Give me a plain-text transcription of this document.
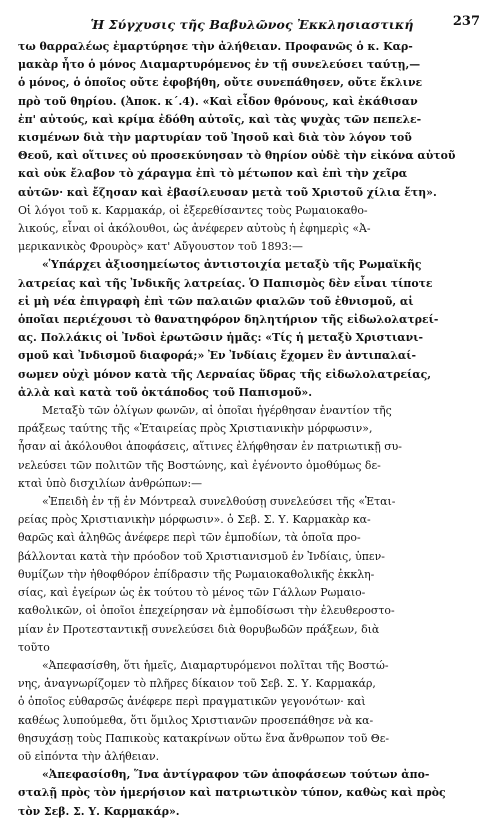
Ἡ Σύγχυσις τῆς Βαβυλῶνος Ἐκκλησιαστική	237
τω θαρραλέως ἐμαρτύρησε τὴν ἀλήθειαν. Προφανῶς ὁ κ. Καρ-
μακὰρ ἦτο ὁ μόνος Διαμαρτυρόμενος ἐν τῇ συνελεύσει ταύτῃ,—
ὁ μόνος, ὁ ὁποῖος οὔτε ἐφοβήθη, οὔτε συνεπάθησεν, οὔτε ἔκλινε
πρὸ τοῦ θηρίου. (Ἀποκ. κ΄.4). «Καὶ εἶδον θρόνους, καὶ ἐκάθισαν
ἐπ' αὐτούς, καὶ κρίμα ἐδόθη αὐτοῖς, καὶ τὰς ψυχὰς τῶν πεπελε-
κισμένων διὰ τὴν μαρτυρίαν τοῦ Ἰησοῦ καὶ διὰ τὸν λόγον τοῦ
Θεοῦ, καὶ οἵτινες οὐ προσεκύνησαν τὸ θηρίον οὐδὲ τὴν εἰκόνα αὐτοῦ
καὶ οὐκ ἔλαβον τὸ χάραγμα ἐπὶ τὸ μέτωπον καὶ ἐπὶ τὴν χεῖρα
αὐτῶν· καὶ ἔζησαν καὶ ἐβασίλευσαν μετὰ τοῦ Χριστοῦ χίλια ἔτη».
Οἱ λόγοι τοῦ κ. Καρμακάρ, οἱ ἐξερεθίσαντες τοὺς Ρωμαιοκαθο-
λικούς, εἶναι οἱ ἀκόλουθοι, ὡς ἀνέφερεν αὐτοὺς ἡ ἐφημερὶς «Ἀ-
μερικανικὸς Φρουρὸς» κατ' Αὔγουστον τοῦ 1893:—
«Ὑπάρχει ἀξιοσημείωτος ἀντιστοιχία μεταξὺ τῆς Ρωμαϊκῆς
λατρείας καὶ τῆς Ἰνδικῆς λατρείας. Ὁ Παπισμὸς δὲν εἶναι τίποτε
εἰ μὴ νέα ἐπιγραφὴ ἐπὶ τῶν παλαιῶν φιαλῶν τοῦ ἐθνισμοῦ, αἱ
ὁποῖαι περιέχουσι τὸ θανατηφόρον δηλητήριον τῆς εἰδωλολατρεί-
ας. Πολλάκις οἱ Ἰνδοὶ ἐρωτῶσιν ἡμᾶς: «Τίς ἡ μεταξὺ Χριστιανι-
σμοῦ καὶ Ἰνδισμοῦ διαφορά;» Ἐν Ἰνδίαις ἔχομεν ἓν ἀντιπαλαί-
σωμεν οὐχὶ μόνον κατὰ τῆς Λερναίας ὕδρας τῆς εἰδωλολατρείας,
ἀλλὰ καὶ κατὰ τοῦ ὀκτάποδος τοῦ Παπισμοῦ».
Μεταξὺ τῶν ὀλίγων φωνῶν, αἱ ὁποῖαι ἠγέρθησαν ἐναντίον τῆς
πράξεως ταύτης τῆς «Ἑταιρείας πρὸς Χριστιανικὴν μόρφωσιν»,
ἦσαν αἱ ἀκόλουθοι ἀποφάσεις, αἵτινες ἐλήφθησαν ἐν πατριωτικῇ συ-
νελεύσει τῶν πολιτῶν τῆς Βοστώνης, καὶ ἐγένοντο ὁμοθύμως δε-
κταὶ ὑπὸ δισχιλίων ἀνθρώπων:—
«Ἐπειδὴ ἐν τῇ ἐν Μόντρεαλ συνελθούσῃ συνελεύσει τῆς «Ἑται-
ρείας πρὸς Χριστιανικὴν μόρφωσιν». ὁ Σεβ. Σ. Υ. Καρμακὰρ κα-
θαρῶς καὶ ἀληθῶς ἀνέφερε περὶ τῶν ἐμποδίων, τὰ ὁποῖα προ-
βάλλονται κατὰ τὴν πρόοδον τοῦ Χριστιανισμοῦ ἐν Ἰνδίαις, ὑπεν-
θυμίζων τὴν ἠθοφθόρον ἐπίδρασιν τῆς Ρωμαιοκαθολικῆς ἐκκλη-
σίας, καὶ ἐγείρων ὡς ἐκ τούτου τὸ μένος τῶν Γάλλων Ρωμαιο-
καθολικῶν, οἱ ὁποῖοι ἐπεχείρησαν νὰ ἐμποδίσωσι τὴν ἐλευθεροστο-
μίαν ἐν Προτεσταντικῇ συνελεύσει διὰ θορυβωδῶν πράξεων, διὰ
τοῦτο
«Ἀπεφασίσθη, ὅτι ἡμεῖς, Διαμαρτυρόμενοι πολῖται τῆς Βοστώ-
νης, ἀναγνωρίζομεν τὸ πλῆρες δίκαιον τοῦ Σεβ. Σ. Υ. Καρμακάρ,
ὁ ὁποῖος εὐθαρσῶς ἀνέφερε περὶ πραγματικῶν γεγονότων· καὶ
καθέως λυπούμεθα, ὅτι ὅμιλος Χριστιανῶν προσεπάθησε νὰ κα-
θησυχάσῃ τοὺς Παπικοὺς κατακρίνων οὕτω ἕνα ἄνθρωπον τοῦ Θε-
οῦ εἰπόντα τὴν ἀλήθειαν.
«Ἀπεφασίσθη, Ἵνα ἀντίγραφον τῶν ἀποφάσεων τούτων ἀπο-
σταλῇ πρὸς τὸν ἡμερήσιον καὶ πατριωτικὸν τύπον, καθὼς καὶ πρὸς
τὸν Σεβ. Σ. Υ. Καρμακάρ».
